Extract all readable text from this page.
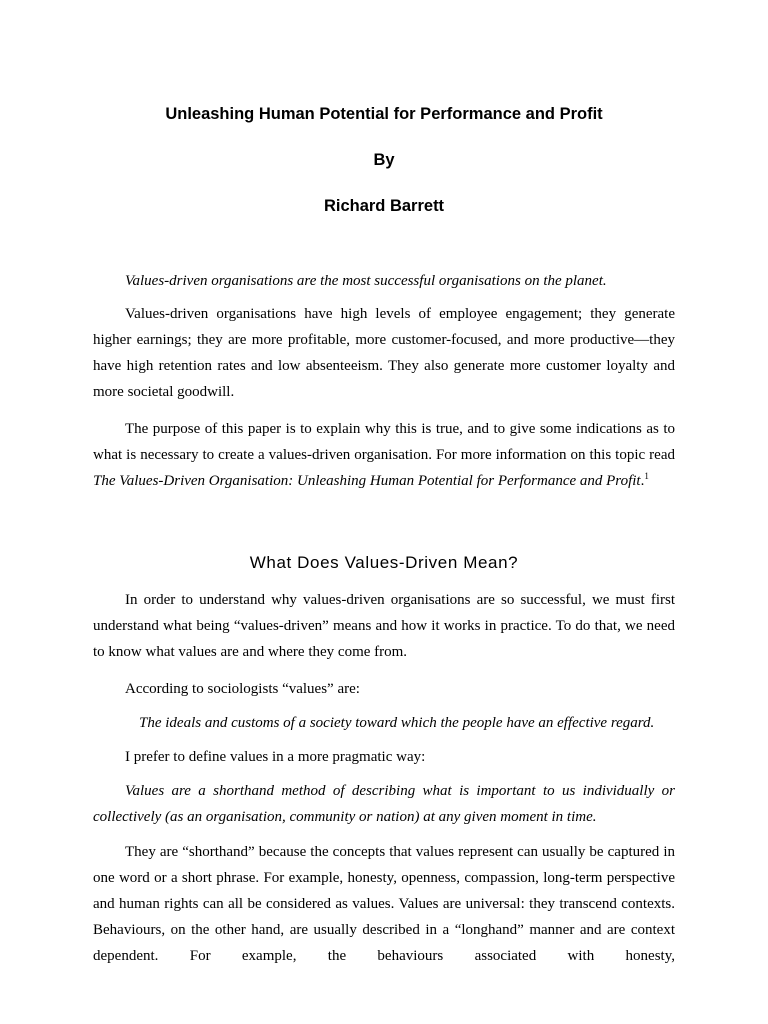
Unleashing Human Potential for Performance and Profit
By
Richard Barrett

Values-driven organisations are the most successful organisations on the planet.

Values-driven organisations have high levels of employee engagement; they generate higher earnings; they are more profitable, more customer-focused, and more productive—they have high retention rates and low absenteeism. They also generate more customer loyalty and more societal goodwill.

The purpose of this paper is to explain why this is true, and to give some indications as to what is necessary to create a values-driven organisation. For more information on this topic read The Values-Driven Organisation: Unleashing Human Potential for Performance and Profit.$^1$

What Does Values-Driven Mean?

In order to understand why values-driven organisations are so successful, we must first understand what being “values-driven” means and how it works in practice. To do that, we need to know what values are and where they come from.

According to sociologists “values” are:
The ideals and customs of a society toward which the people have an effective regard.
I prefer to define values in a more pragmatic way:

Values are a shorthand method of describing what is important to us individually or collectively (as an organisation, community or nation) at any given moment in time.

They are “shorthand” because the concepts that values represent can usually be captured in one word or a short phrase. For example, honesty, openness, compassion, long-term perspective and human rights can all be considered as values. Values are universal: they transcend contexts. Behaviours, on the other hand, are usually described in a “longhand” manner and are context dependent. For example, the behaviours associated with honesty,
